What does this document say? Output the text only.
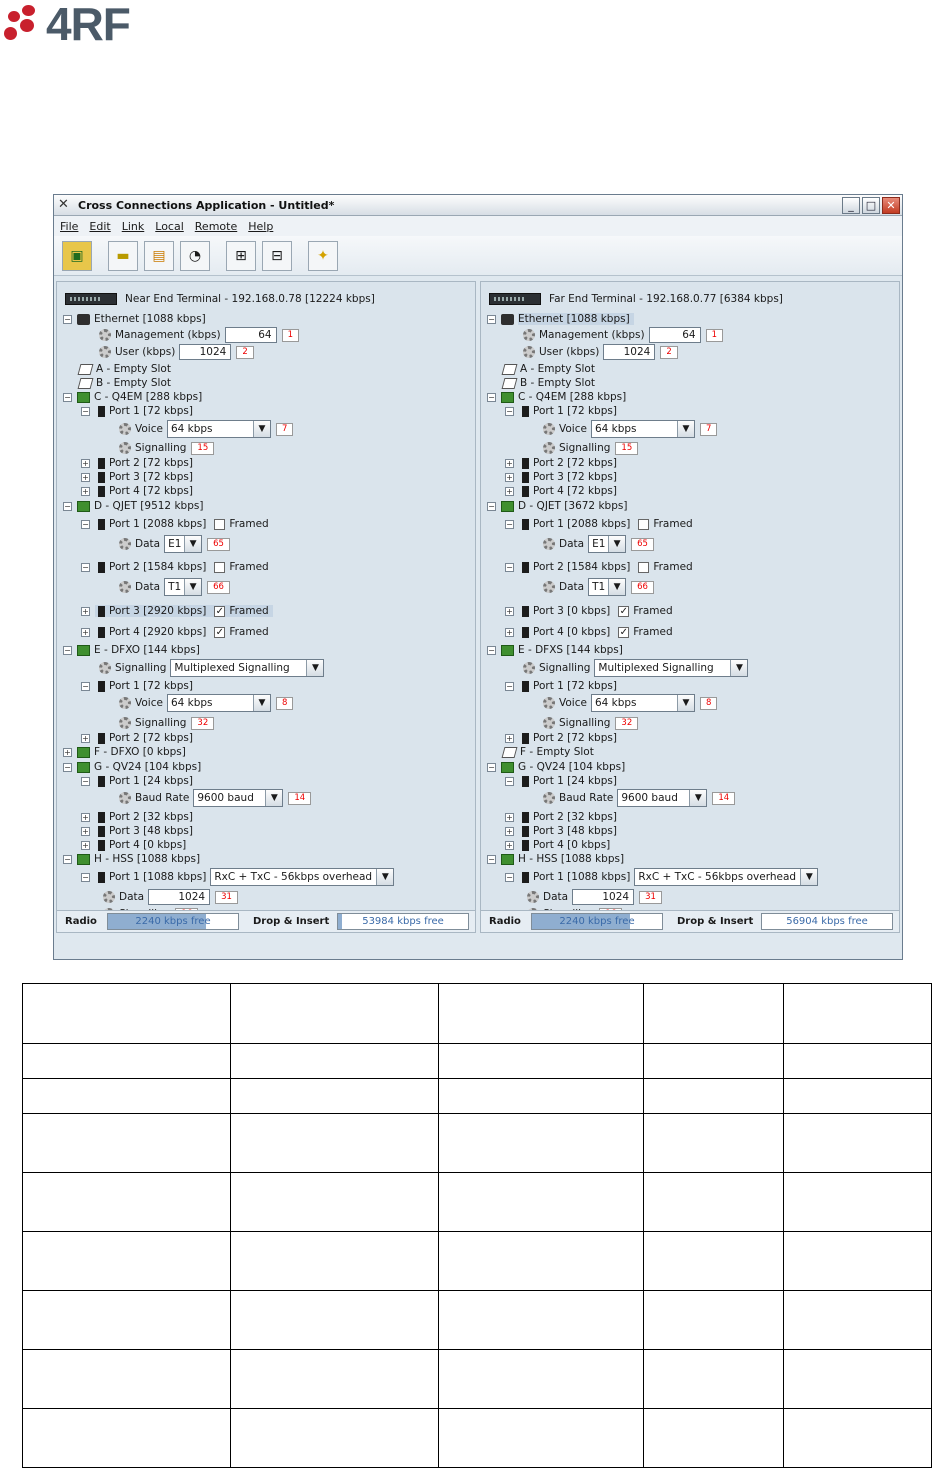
4RF
✕ Cross Connections Application - Untitled*	_	□ ✕
File Edit Link Local Remote Help
▣	▬	▤	◔	⊞	⊟	✦
Near End Terminal - 192.168.0.78 [12224 kbps]
− Ethernet [1088 kbps]
Management (kbps)	64	1
User (kbps)	1024	2
A - Empty Slot
B - Empty Slot
− C - Q4EM [288 kbps]
− Port 1 [72 kbps]
Voice 64 kbps	▼	7
Signalling	15
+ Port 2 [72 kbps]
+ Port 3 [72 kbps]
+ Port 4 [72 kbps]
− D - QJET [9512 kbps]
− Port 1 [2088 kbps] Framed
Data E1 ▼	65
− Port 2 [1584 kbps] Framed
Data T1 ▼	66
+ Port 3 [2920 kbps] ✓ Framed
+ Port 4 [2920 kbps] ✓ Framed
− E - DFXO [144 kbps]
Signalling Multiplexed Signalling	▼
− Port 1 [72 kbps]
Voice 64 kbps	▼	8
Signalling	32
+ Port 2 [72 kbps]
+ F - DFXO [0 kbps]
− G - QV24 [104 kbps]
− Port 1 [24 kbps]
Baud Rate 9600 baud	▼	14
+ Port 2 [32 kbps]
+ Port 3 [48 kbps]
+ Port 4 [0 kbps]
− H - HSS [1088 kbps]
− Port 1 [1088 kbps] RxC + TxC - 56kbps overhead	▼
Data	1024	31
Radio	2240 kbps free	Drop & Insert	53984 kbps free
Far End Terminal - 192.168.0.77 [6384 kbps]
− Ethernet [1088 kbps]
Management (kbps)	64	1
User (kbps)	1024	2
A - Empty Slot
B - Empty Slot
− C - Q4EM [288 kbps]
− Port 1 [72 kbps]
Voice 64 kbps	▼	7
Signalling	15
+ Port 2 [72 kbps]
+ Port 3 [72 kbps]
+ Port 4 [72 kbps]
− D - QJET [3672 kbps]
− Port 1 [2088 kbps] Framed
Data E1 ▼	65
− Port 2 [1584 kbps] Framed
Data T1 ▼	66
+ Port 3 [0 kbps] ✓ Framed
+ Port 4 [0 kbps] ✓ Framed
− E - DFXS [144 kbps]
Signalling Multiplexed Signalling	▼
− Port 1 [72 kbps]
Voice 64 kbps	▼	8
Signalling	32
+ Port 2 [72 kbps]
F - Empty Slot
− G - QV24 [104 kbps]
− Port 1 [24 kbps]
Baud Rate 9600 baud	▼	14
+ Port 2 [32 kbps]
+ Port 3 [48 kbps]
+ Port 4 [0 kbps]
− H - HSS [1088 kbps]
− Port 1 [1088 kbps] RxC + TxC - 56kbps overhead	▼
Data	1024	31
Radio	2240 kbps free	Drop & Insert	56904 kbps free
